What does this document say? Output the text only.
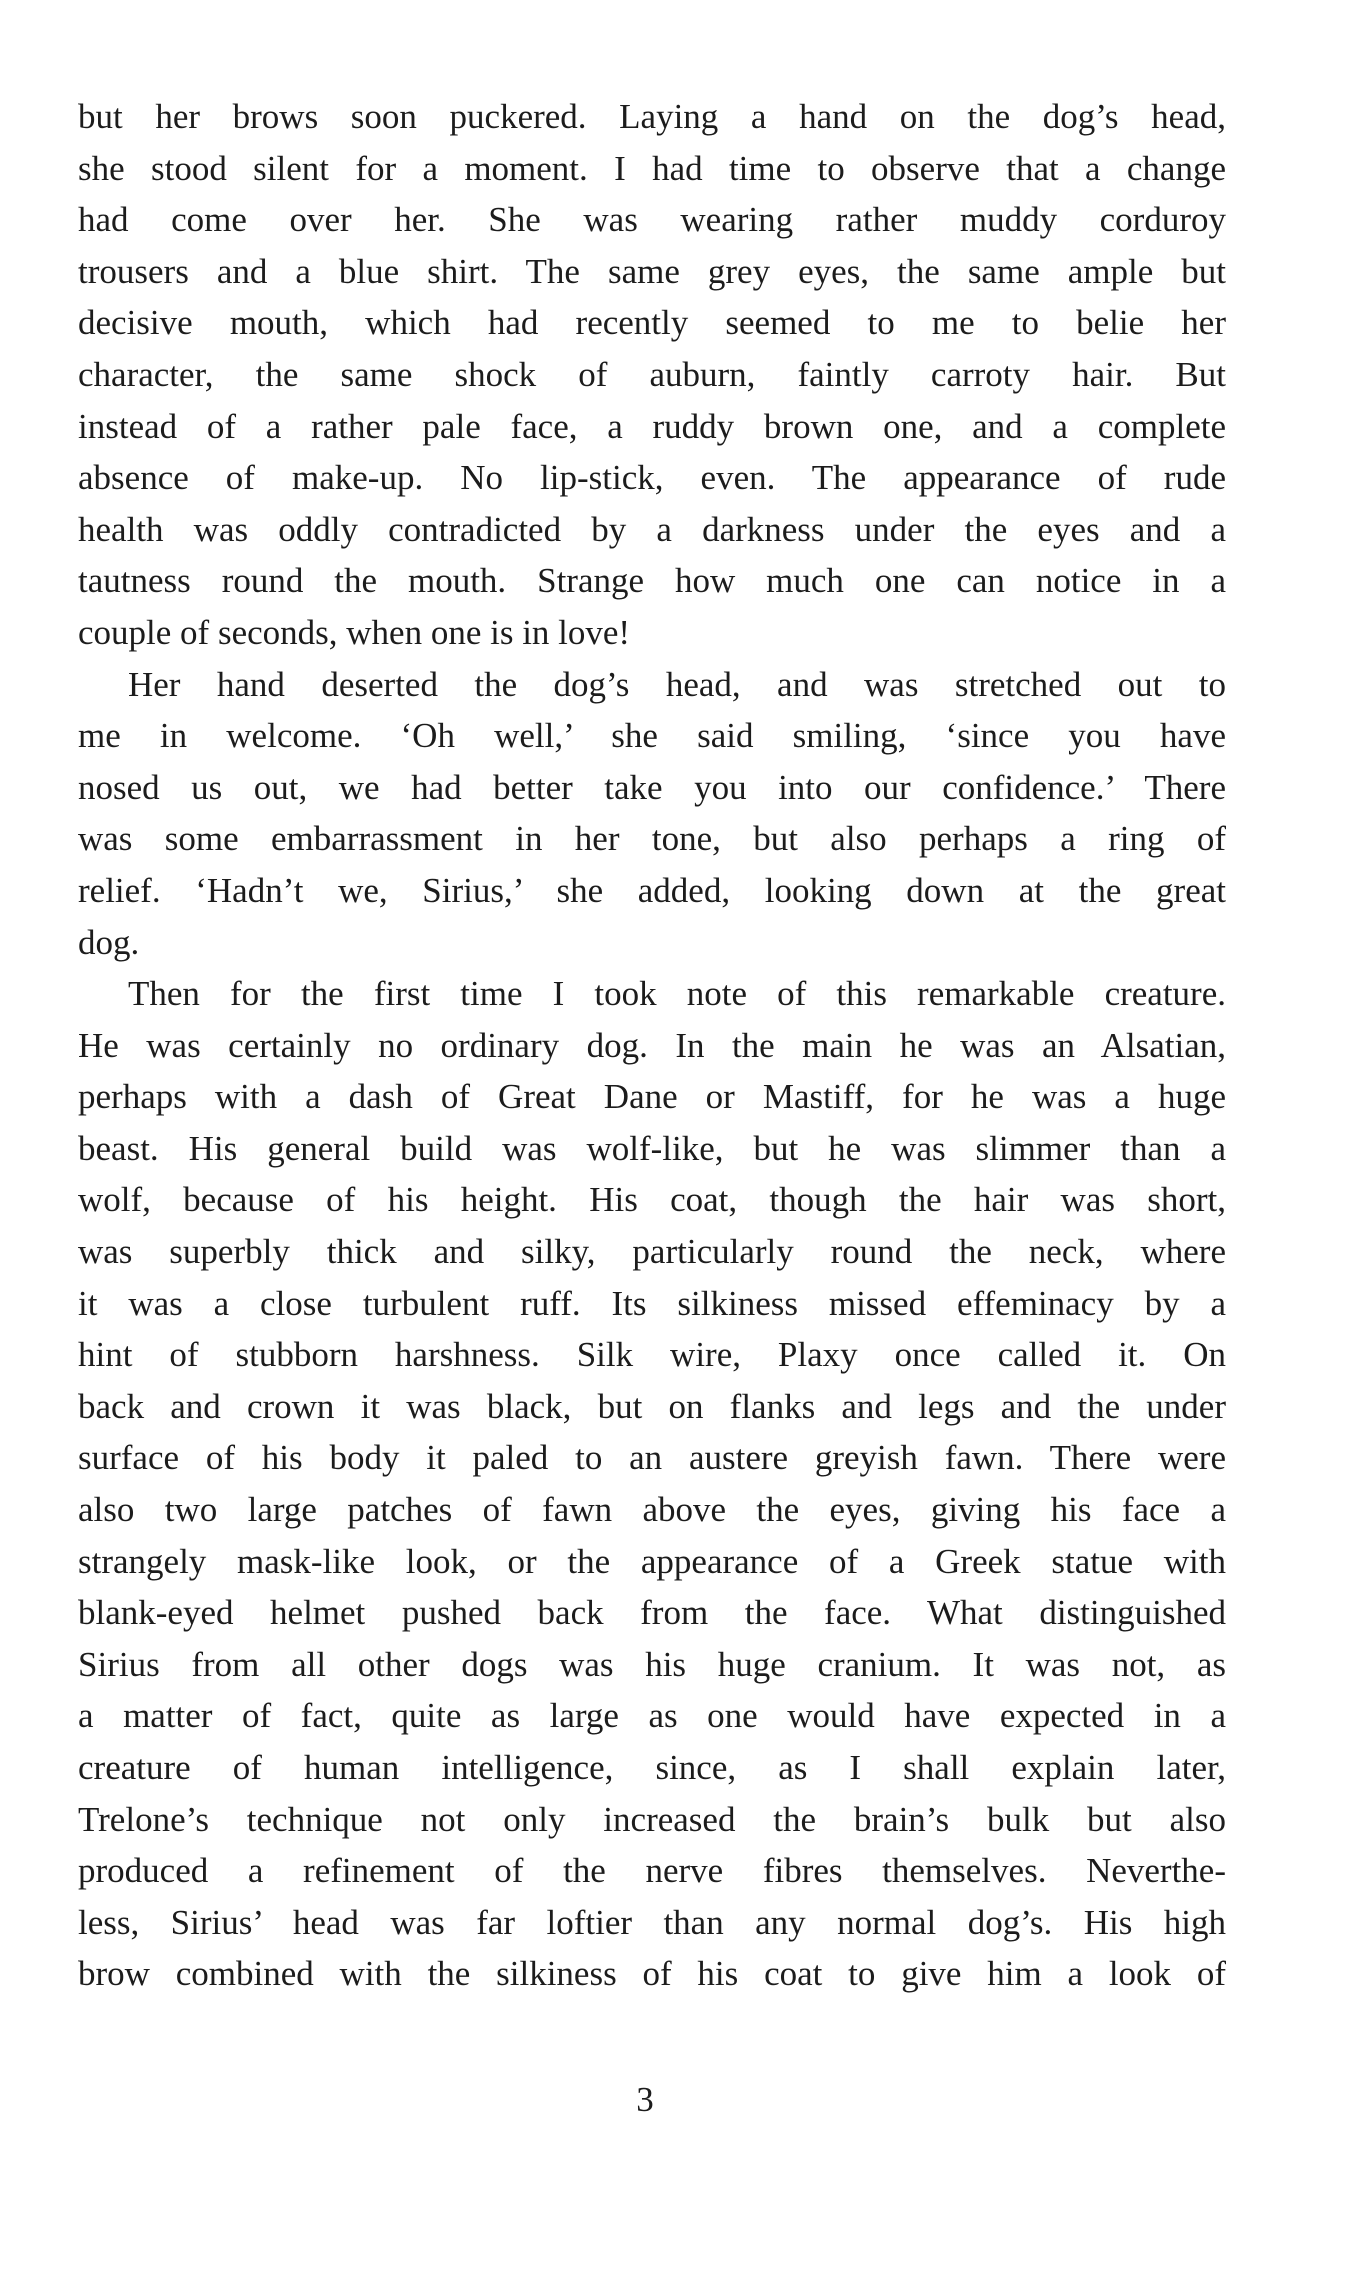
but her brows soon puckered. Laying a hand on the dog’s head,
she stood silent for a moment. I had time to observe that a change
had come over her. She was wearing rather muddy corduroy
trousers and a blue shirt. The same grey eyes, the same ample but
decisive mouth, which had recently seemed to me to belie her
character, the same shock of auburn, faintly carroty hair. But
instead of a rather pale face, a ruddy brown one, and a complete
absence of make-up. No lip-stick, even. The appearance of rude
health was oddly contradicted by a darkness under the eyes and a
tautness round the mouth. Strange how much one can notice in a
couple of seconds, when one is in love!
Her hand deserted the dog’s head, and was stretched out to
me in welcome. ‘Oh well,’ she said smiling, ‘since you have
nosed us out, we had better take you into our confidence.’ There
was some embarrassment in her tone, but also perhaps a ring of
relief. ‘Hadn’t we, Sirius,’ she added, looking down at the great
dog.
Then for the first time I took note of this remarkable creature.
He was certainly no ordinary dog. In the main he was an Alsatian,
perhaps with a dash of Great Dane or Mastiff, for he was a huge
beast. His general build was wolf-like, but he was slimmer than a
wolf, because of his height. His coat, though the hair was short,
was superbly thick and silky, particularly round the neck, where
it was a close turbulent ruff. Its silkiness missed effeminacy by a
hint of stubborn harshness. Silk wire, Plaxy once called it. On
back and crown it was black, but on flanks and legs and the under
surface of his body it paled to an austere greyish fawn. There were
also two large patches of fawn above the eyes, giving his face a
strangely mask-like look, or the appearance of a Greek statue with
blank-eyed helmet pushed back from the face. What distinguished
Sirius from all other dogs was his huge cranium. It was not, as
a matter of fact, quite as large as one would have expected in a
creature of human intelligence, since, as I shall explain later,
Trelone’s technique not only increased the brain’s bulk but also
produced a refinement of the nerve fibres themselves. Neverthe-
less, Sirius’ head was far loftier than any normal dog’s. His high
brow combined with the silkiness of his coat to give him a look of
3
